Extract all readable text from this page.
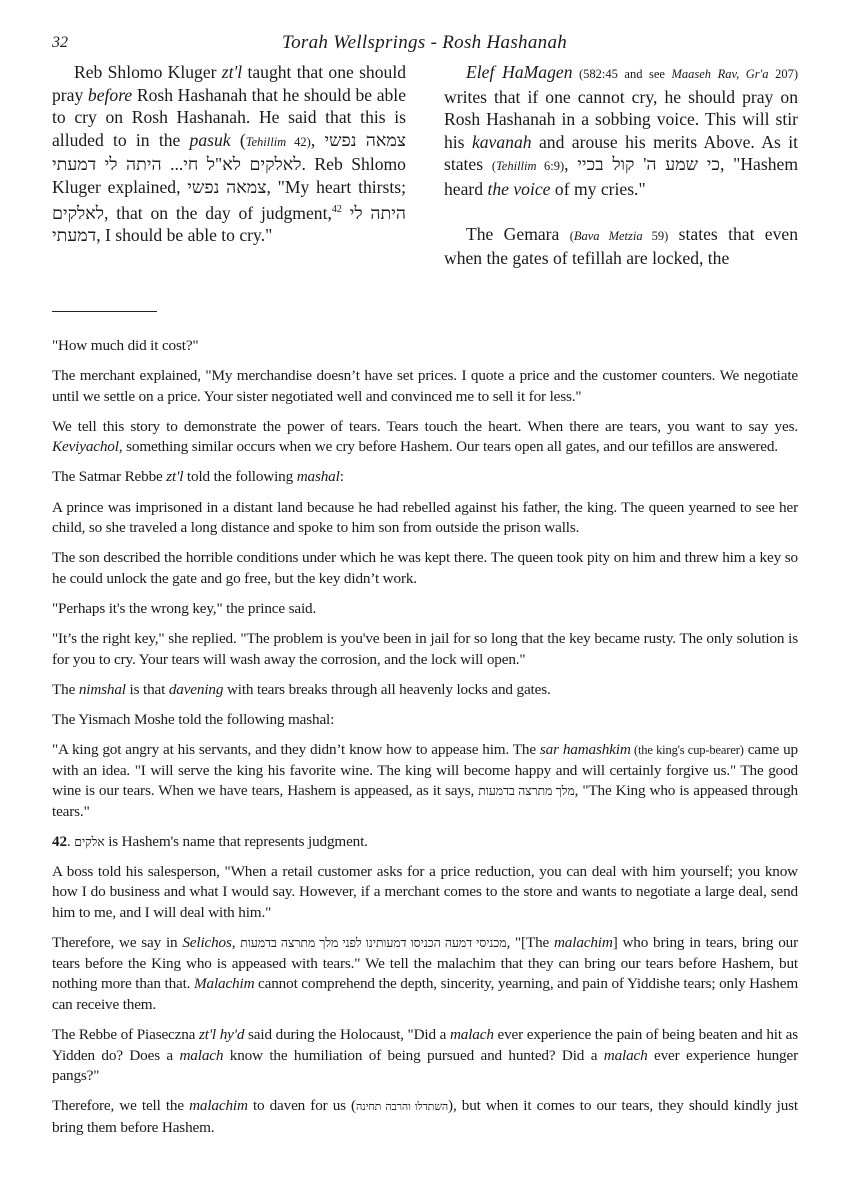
32	Torah Wellsprings - Rosh Hashanah

Reb Shlomo Kluger zt'l taught that one should pray before Rosh Hashanah that he should be able to cry on Rosh Hashanah. He said that this is alluded to in the pasuk (Tehillim 42), צמאה נפשי לאלקים לא"ל חי... היתה לי דמעתי. Reb Shlomo Kluger explained, צמאה נפשי, "My heart thirsts; לאלקים, that on the day of judgment,$^{42}$ היתה לי דמעתי, I should be able to cry."

Elef HaMagen (582:45 and see Maaseh Rav, Gr'a 207) writes that if one cannot cry, he should pray on Rosh Hashanah in a sobbing voice. This will stir his kavanah and arouse his merits Above. As it states (Tehillim 6:9), כי שמע ה' קול בכיי, "Hashem heard the voice of my cries."

The Gemara (Bava Metzia 59) states that even when the gates of tefillah are locked, the

"How much did it cost?"

The merchant explained, "My merchandise doesn’t have set prices. I quote a price and the customer counters. We negotiate until we settle on a price. Your sister negotiated well and convinced me to sell it for less."

We tell this story to demonstrate the power of tears. Tears touch the heart. When there are tears, you want to say yes. Keviyachol, something similar occurs when we cry before Hashem. Our tears open all gates, and our tefillos are answered.

The Satmar Rebbe zt'l told the following mashal:

A prince was imprisoned in a distant land because he had rebelled against his father, the king. The queen yearned to see her child, so she traveled a long distance and spoke to him son from outside the prison walls.

The son described the horrible conditions under which he was kept there. The queen took pity on him and threw him a key so he could unlock the gate and go free, but the key didn’t work.

"Perhaps it's the wrong key," the prince said.

"It’s the right key," she replied. "The problem is you've been in jail for so long that the key became rusty. The only solution is for you to cry. Your tears will wash away the corrosion, and the lock will open."

The nimshal is that davening with tears breaks through all heavenly locks and gates.

The Yismach Moshe told the following mashal:

"A king got angry at his servants, and they didn’t know how to appease him. The sar hamashkim (the king's cup-bearer) came up with an idea. "I will serve the king his favorite wine. The king will become happy and will certainly forgive us." The good wine is our tears. When we have tears, Hashem is appeased, as it says, מלך מתרצה בדמעות, "The King who is appeased through tears."

42. אלקים is Hashem's name that represents judgment.

A boss told his salesperson, "When a retail customer asks for a price reduction, you can deal with him yourself; you know how I do business and what I would say. However, if a merchant comes to the store and wants to negotiate a large deal, send him to me, and I will deal with him."

Therefore, we say in Selichos, מכניסי דמעה הכניסו דמעותינו לפני מלך מתרצה בדמעות, "[The malachim] who bring in tears, bring our tears before the King who is appeased with tears." We tell the malachim that they can bring our tears before Hashem, but nothing more than that. Malachim cannot comprehend the depth, sincerity, yearning, and pain of Yiddishe tears; only Hashem can receive them.

The Rebbe of Piaseczna zt'l hy'd said during the Holocaust, "Did a malach ever experience the pain of being beaten and hit as Yidden do? Does a malach know the humiliation of being pursued and hunted? Did a malach ever experience hunger pangs?"

Therefore, we tell the malachim to daven for us (השתדלו והרבה תחינה), but when it comes to our tears, they should kindly just bring them before Hashem.
